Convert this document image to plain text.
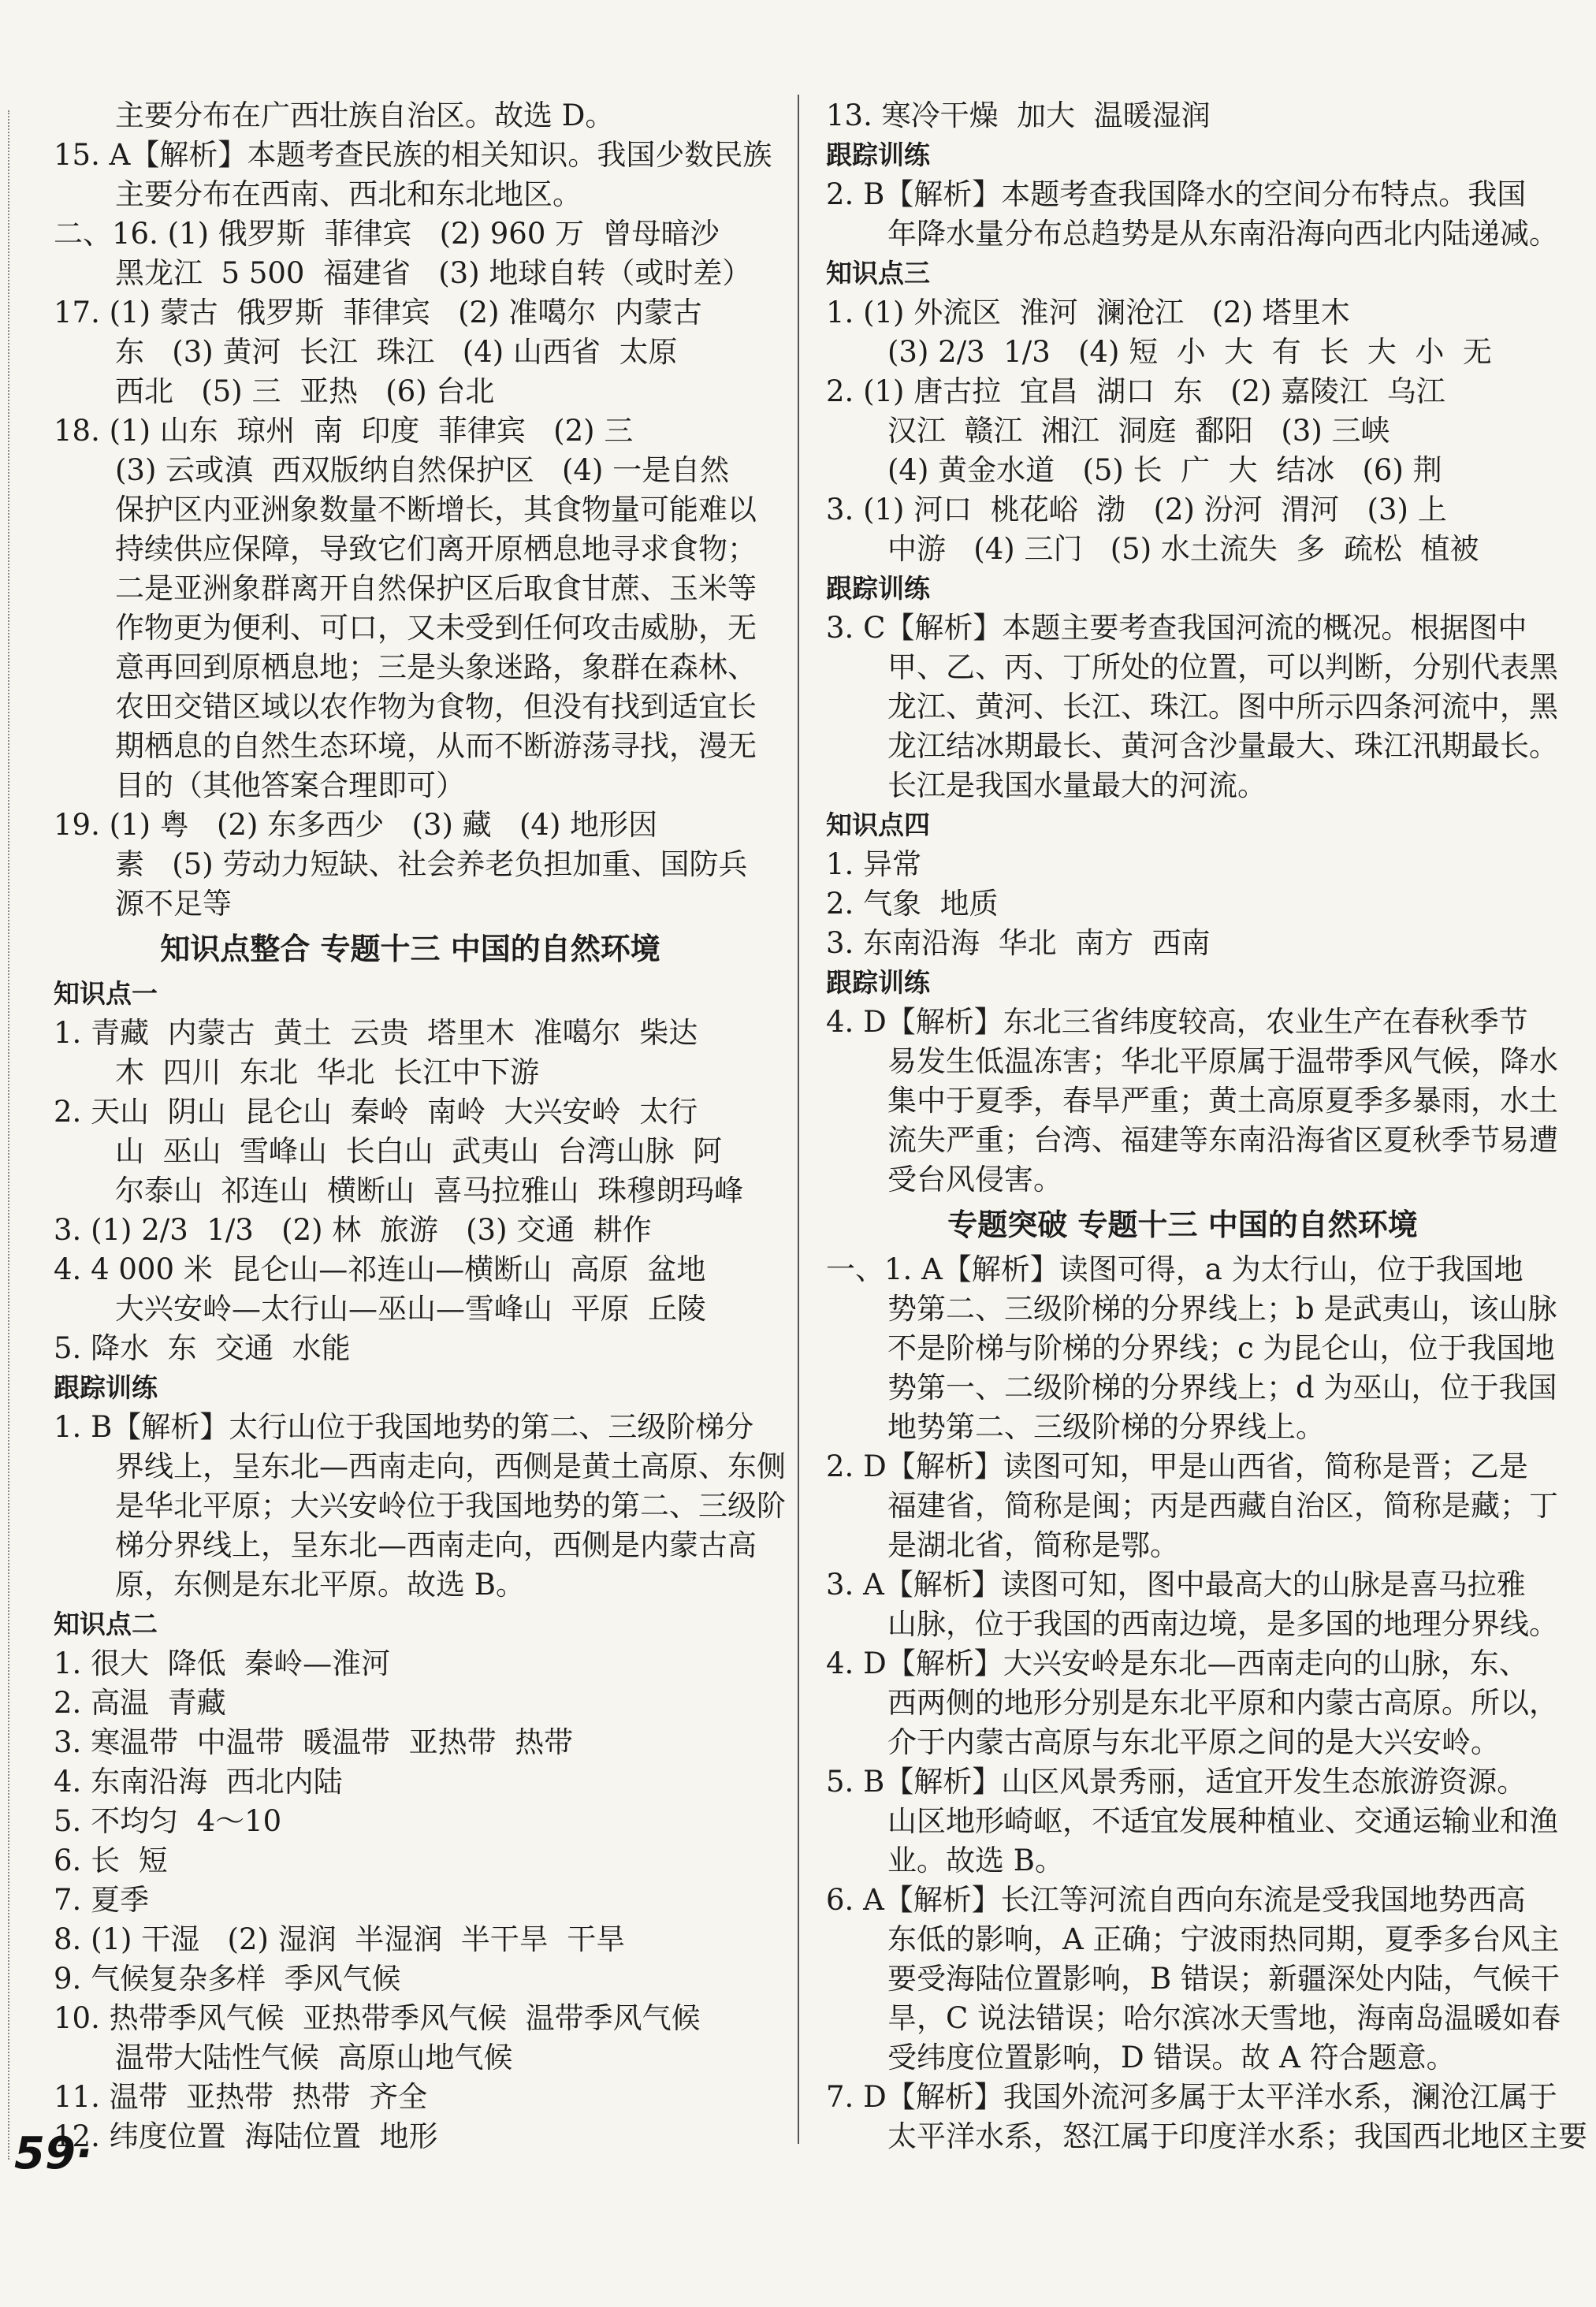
主要分布在广西壮族自治区。故选 D。
15. A【解析】本题考查民族的相关知识。我国少数民族
主要分布在西南、西北和东北地区。
二、16. (1) 俄罗斯  菲律宾   (2) 960 万  曾母暗沙
黑龙江  5 500  福建省   (3) 地球自转（或时差）
17. (1) 蒙古  俄罗斯  菲律宾   (2) 准噶尔  内蒙古
东   (3) 黄河  长江  珠江   (4) 山西省  太原
西北   (5) 三  亚热   (6) 台北
18. (1) 山东  琼州  南  印度  菲律宾   (2) 三
(3) 云或滇  西双版纳自然保护区   (4) 一是自然
保护区内亚洲象数量不断增长，其食物量可能难以
持续供应保障，导致它们离开原栖息地寻求食物；
二是亚洲象群离开自然保护区后取食甘蔗、玉米等
作物更为便利、可口，又未受到任何攻击威胁，无
意再回到原栖息地；三是头象迷路，象群在森林、
农田交错区域以农作物为食物，但没有找到适宜长
期栖息的自然生态环境，从而不断游荡寻找，漫无
目的（其他答案合理即可）
19. (1) 粤   (2) 东多西少   (3) 藏   (4) 地形因
素   (5) 劳动力短缺、社会养老负担加重、国防兵
源不足等
知识点整合 专题十三 中国的自然环境
知识点一
1. 青藏  内蒙古  黄土  云贵  塔里木  准噶尔  柴达
木  四川  东北  华北  长江中下游
2. 天山  阴山  昆仑山  秦岭  南岭  大兴安岭  太行
山  巫山  雪峰山  长白山  武夷山  台湾山脉  阿
尔泰山  祁连山  横断山  喜马拉雅山  珠穆朗玛峰
3. (1) 2/3  1/3   (2) 林  旅游   (3) 交通  耕作
4. 4 000 米  昆仑山—祁连山—横断山  高原  盆地
大兴安岭—太行山—巫山—雪峰山  平原  丘陵
5. 降水  东  交通  水能
跟踪训练
1. B【解析】太行山位于我国地势的第二、三级阶梯分
界线上，呈东北—西南走向，西侧是黄土高原、东侧
是华北平原；大兴安岭位于我国地势的第二、三级阶
梯分界线上，呈东北—西南走向，西侧是内蒙古高
原，东侧是东北平原。故选 B。
知识点二
1. 很大  降低  秦岭—淮河
2. 高温  青藏
3. 寒温带  中温带  暖温带  亚热带  热带
4. 东南沿海  西北内陆
5. 不均匀  4～10
6. 长  短
7. 夏季
8. (1) 干湿   (2) 湿润  半湿润  半干旱  干旱
9. 气候复杂多样  季风气候
10. 热带季风气候  亚热带季风气候  温带季风气候
温带大陆性气候  高原山地气候
11. 温带  亚热带  热带  齐全
12. 纬度位置  海陆位置  地形
13. 寒冷干燥  加大  温暖湿润
跟踪训练
2. B【解析】本题考查我国降水的空间分布特点。我国
年降水量分布总趋势是从东南沿海向西北内陆递减。
知识点三
1. (1) 外流区  淮河  澜沧江   (2) 塔里木
(3) 2/3  1/3   (4) 短  小  大  有  长  大  小  无
2. (1) 唐古拉  宜昌  湖口  东   (2) 嘉陵江  乌江
汉江  赣江  湘江  洞庭  鄱阳   (3) 三峡
(4) 黄金水道   (5) 长  广  大  结冰   (6) 荆
3. (1) 河口  桃花峪  渤   (2) 汾河  渭河   (3) 上
中游   (4) 三门   (5) 水土流失  多  疏松  植被
跟踪训练
3. C【解析】本题主要考查我国河流的概况。根据图中
甲、乙、丙、丁所处的位置，可以判断，分别代表黑
龙江、黄河、长江、珠江。图中所示四条河流中，黑
龙江结冰期最长、黄河含沙量最大、珠江汛期最长。
长江是我国水量最大的河流。
知识点四
1. 异常
2. 气象  地质
3. 东南沿海  华北  南方  西南
跟踪训练
4. D【解析】东北三省纬度较高，农业生产在春秋季节
易发生低温冻害；华北平原属于温带季风气候，降水
集中于夏季，春旱严重；黄土高原夏季多暴雨，水土
流失严重；台湾、福建等东南沿海省区夏秋季节易遭
受台风侵害。
专题突破 专题十三 中国的自然环境
一、1. A【解析】读图可得，a 为太行山，位于我国地
势第二、三级阶梯的分界线上；b 是武夷山，该山脉
不是阶梯与阶梯的分界线；c 为昆仑山，位于我国地
势第一、二级阶梯的分界线上；d 为巫山，位于我国
地势第二、三级阶梯的分界线上。
2. D【解析】读图可知，甲是山西省，简称是晋；乙是
福建省，简称是闽；丙是西藏自治区，简称是藏；丁
是湖北省，简称是鄂。
3. A【解析】读图可知，图中最高大的山脉是喜马拉雅
山脉，位于我国的西南边境，是多国的地理分界线。
4. D【解析】大兴安岭是东北—西南走向的山脉，东、
西两侧的地形分别是东北平原和内蒙古高原。所以，
介于内蒙古高原与东北平原之间的是大兴安岭。
5. B【解析】山区风景秀丽，适宜开发生态旅游资源。
山区地形崎岖，不适宜发展种植业、交通运输业和渔
业。故选 B。
6. A【解析】长江等河流自西向东流是受我国地势西高
东低的影响，A 正确；宁波雨热同期，夏季多台风主
要受海陆位置影响，B 错误；新疆深处内陆，气候干
旱，C 说法错误；哈尔滨冰天雪地，海南岛温暖如春
受纬度位置影响，D 错误。故 A 符合题意。
7. D【解析】我国外流河多属于太平洋水系，澜沧江属于
太平洋水系，怒江属于印度洋水系；我国西北地区主要
59·
